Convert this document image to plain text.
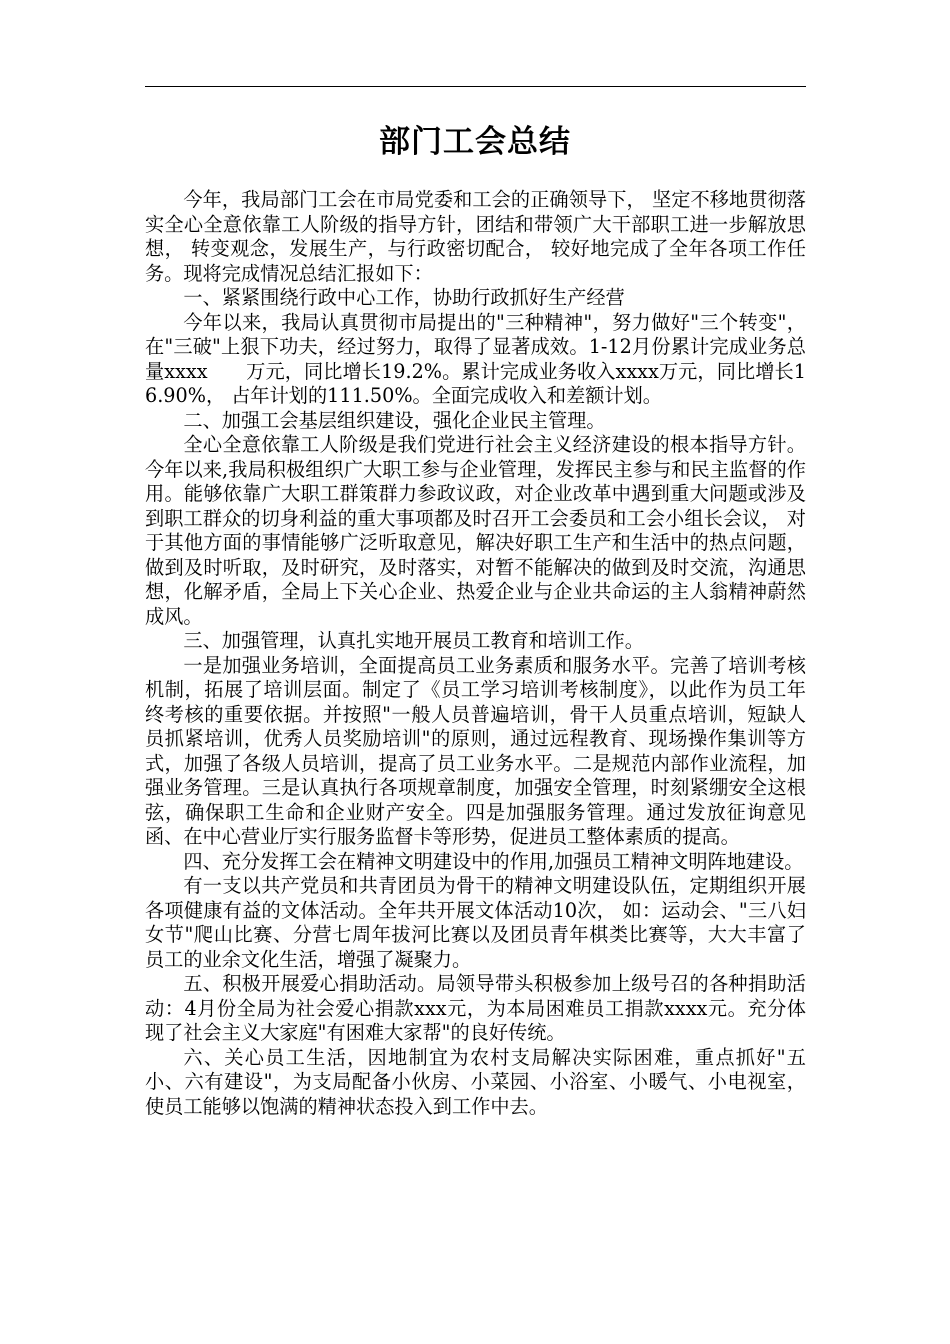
部门工会总结

今年，我局部门工会在市局党委和工会的正确领导下， 坚定不移地贯彻落实全心全意依靠工人阶级的指导方针，团结和带领广大干部职工进一步解放思想， 转变观念，发展生产，与行政密切配合， 较好地完成了全年各项工作任务。现将完成情况总结汇报如下：

一、紧紧围绕行政中心工作，协助行政抓好生产经营

今年以来，我局认真贯彻市局提出的"三种精神"，努力做好"三个转变"，在"三破"上狠下功夫，经过努力，取得了显著成效。1-12月份累计完成业务总量xxxx　　万元，同比增长19.2%。累计完成业务收入xxxx万元，同比增长16.90%， 占年计划的111.50%。全面完成收入和差额计划。

二、加强工会基层组织建设，强化企业民主管理。

全心全意依靠工人阶级是我们党进行社会主义经济建设的根本指导方针。今年以来,我局积极组织广大职工参与企业管理，发挥民主参与和民主监督的作用。能够依靠广大职工群策群力参政议政，对企业改革中遇到重大问题或涉及到职工群众的切身利益的重大事项都及时召开工会委员和工会小组长会议， 对于其他方面的事情能够广泛听取意见，解决好职工生产和生活中的热点问题，做到及时听取，及时研究，及时落实，对暂不能解决的做到及时交流，沟通思想，化解矛盾，全局上下关心企业、热爱企业与企业共命运的主人翁精神蔚然成风。

三、加强管理，认真扎实地开展员工教育和培训工作。

一是加强业务培训，全面提高员工业务素质和服务水平。完善了培训考核机制，拓展了培训层面。制定了《员工学习培训考核制度》，以此作为员工年终考核的重要依据。并按照"一般人员普遍培训，骨干人员重点培训，短缺人员抓紧培训，优秀人员奖励培训"的原则，通过远程教育、现场操作集训等方式，加强了各级人员培训，提高了员工业务水平。二是规范内部作业流程，加强业务管理。三是认真执行各项规章制度，加强安全管理，时刻紧绷安全这根弦，确保职工生命和企业财产安全。四是加强服务管理。通过发放征询意见函、在中心营业厅实行服务监督卡等形势，促进员工整体素质的提高。

四、充分发挥工会在精神文明建设中的作用,加强员工精神文明阵地建设。

有一支以共产党员和共青团员为骨干的精神文明建设队伍，定期组织开展各项健康有益的文体活动。全年共开展文体活动10次， 如：运动会、"三八妇女节"爬山比赛、分营七周年拔河比赛以及团员青年棋类比赛等，大大丰富了员工的业余文化生活，增强了凝聚力。

五、积极开展爱心捐助活动。局领导带头积极参加上级号召的各种捐助活动：4月份全局为社会爱心捐款xxx元，为本局困难员工捐款xxxx元。充分体现了社会主义大家庭"有困难大家帮"的良好传统。

六、关心员工生活，因地制宜为农村支局解决实际困难，重点抓好"五小、六有建设"，为支局配备小伙房、小菜园、小浴室、小暖气、小电视室，使员工能够以饱满的精神状态投入到工作中去。
